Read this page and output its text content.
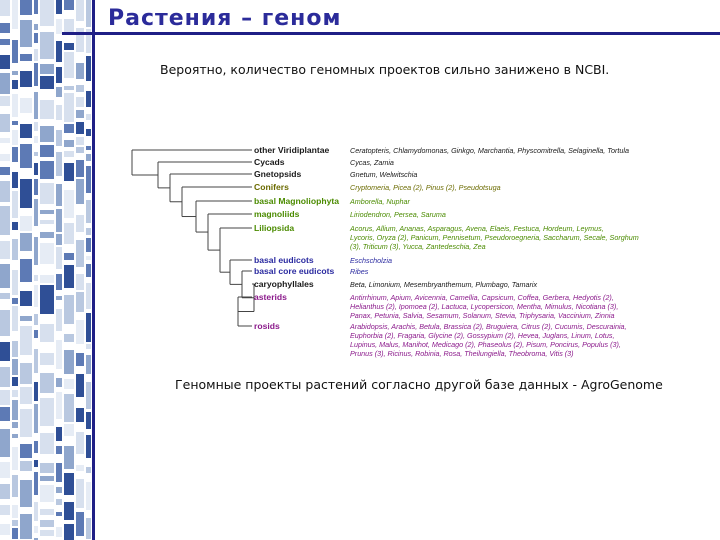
Растения – геном
Вероятно, количество геномных проектов сильно занижено в NCBI.
other Viridiplantae	Ceratopteris, Chlamydomonas, Ginkgo, Marchantia, Physcomitrella, Selaginella, Tortula
Cycads	Cycas, Zamia
Gnetopsids	Gnetum, Welwitschia
Conifers	Cryptomeria, Picea (2), Pinus (2), Pseudotsuga
basal Magnoliophyta Amborella, Nuphar
magnoliids	Liriodendron, Persea, Saruma
Liliopsida	Acorus, Allium, Ananas, Asparagus, Avena, Elaeis, Festuca, Hordeum, Leymus,
Lycoris, Oryza (2), Panicum, Pennisetum, Pseudoroegneria, Saccharum, Secale, Sorghum
(3), Triticum (3), Yucca, Zantedeschia, Zea
basal eudicots	Eschscholzia
basal core eudicots Ribes
caryophyllales	Beta, Limonium, Mesembryanthemum, Plumbago, Tamarix
asterids	Antirrhinum, Apium, Avicennia, Camellia, Capsicum, Coffea, Gerbera, Hedyotis (2),
Helianthus (2), Ipomoea (2), Lactuca, Lycopersicon, Mentha, Mimulus, Nicotiana (3),
Panax, Petunia, Salvia, Sesamum, Solanum, Stevia, Triphysaria, Vaccinium, Zinnia
rosids	Arabidopsis, Arachis, Betula, Brassica (2), Bruguiera, Citrus (2), Cucumis, Descurainia,
Euphorbia (2), Fragaria, Glycine (2), Gossypium (2), Hevea, Juglans, Linum, Lotus,
Lupinus, Malus, Manihot, Medicago (2), Phaseolus (2), Pisum, Poncirus, Populus (3),
Prunus (3), Ricinus, Robinia, Rosa, Theilungiella, Theobroma, Vitis (3)
Геномные проекты растений согласно другой базе данных - AgroGenome
